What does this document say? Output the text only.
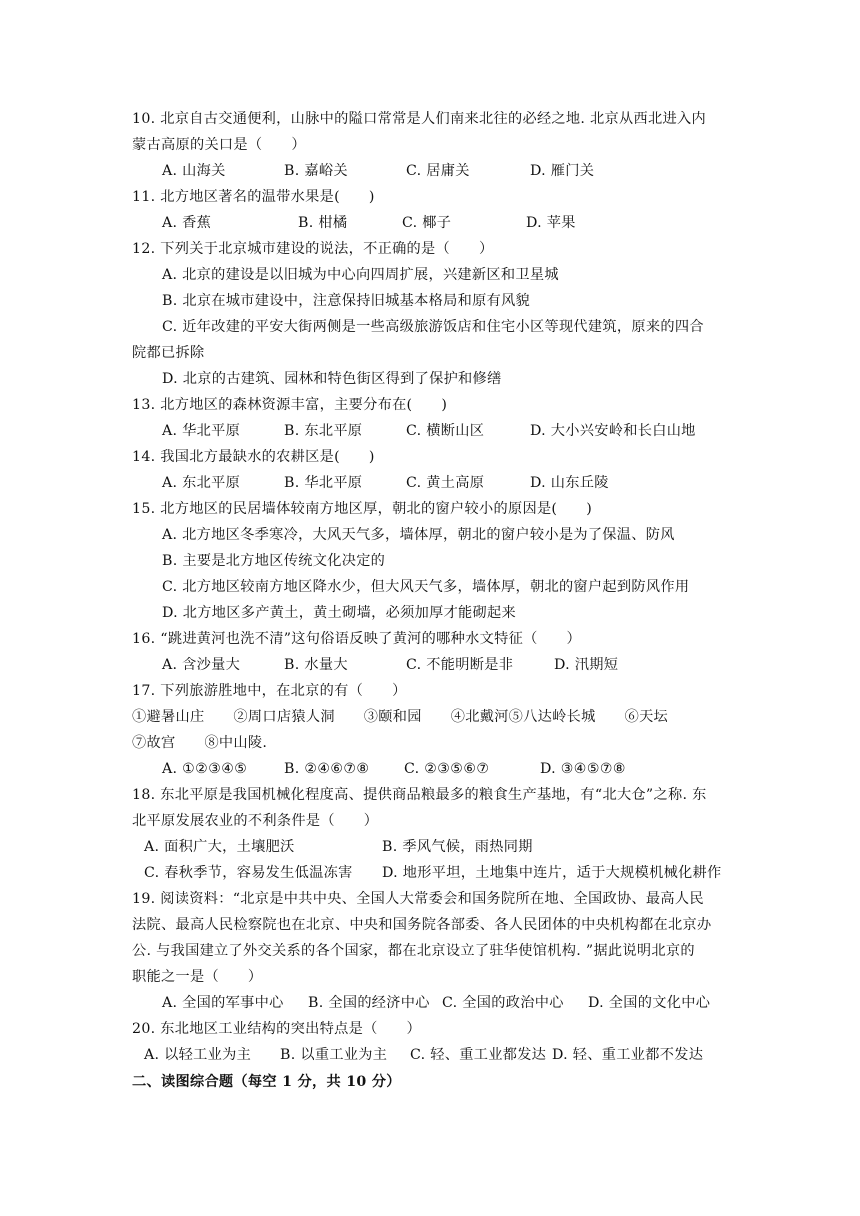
10. 北京自古交通便利，山脉中的隘口常常是人们南来北往的必经之地. 北京从西北进入内
蒙古高原的关口是（　　）
A. 山海关	B. 嘉峪关	C. 居庸关	D. 雁门关
11. 北方地区著名的温带水果是(　　)
A. 香蕉	B. 柑橘	C. 椰子	D. 苹果
12. 下列关于北京城市建设的说法，不正确的是（　　）
A. 北京的建设是以旧城为中心向四周扩展，兴建新区和卫星城
B. 北京在城市建设中，注意保持旧城基本格局和原有风貌
C. 近年改建的平安大街两侧是一些高级旅游饭店和住宅小区等现代建筑，原来的四合
院都已拆除
D. 北京的古建筑、园林和特色街区得到了保护和修缮
13. 北方地区的森林资源丰富，主要分布在(　　)
A. 华北平原	B. 东北平原	C. 横断山区	D. 大小兴安岭和长白山地
14. 我国北方最缺水的农耕区是(　　)
A. 东北平原	B. 华北平原	C. 黄土高原	D. 山东丘陵
15. 北方地区的民居墙体较南方地区厚，朝北的窗户较小的原因是(　　)
A. 北方地区冬季寒冷，大风天气多，墙体厚，朝北的窗户较小是为了保温、防风
B. 主要是北方地区传统文化决定的
C. 北方地区较南方地区降水少，但大风天气多，墙体厚，朝北的窗户起到防风作用
D. 北方地区多产黄土，黄土砌墙，必须加厚才能砌起来
16. “跳进黄河也洗不清”这句俗语反映了黄河的哪种水文特征（　　）
A. 含沙量大	B. 水量大	C. 不能明断是非	D. 汛期短
17. 下列旅游胜地中，在北京的有（　　）
①避暑山庄　　②周口店猿人洞　　③颐和园　　④北戴河⑤八达岭长城　　⑥天坛
⑦故宫　　⑧中山陵.
A. ①②③④⑤	B. ②④⑥⑦⑧	C. ②③⑤⑥⑦	D. ③④⑤⑦⑧
18. 东北平原是我国机械化程度高、提供商品粮最多的粮食生产基地，有“北大仓”之称. 东
北平原发展农业的不利条件是（　　）
A. 面积广大，土壤肥沃	B. 季风气候，雨热同期
C. 春秋季节，容易发生低温冻害	D. 地形平坦，土地集中连片，适于大规模机械化耕作
19. 阅读资料：“北京是中共中央、全国人大常委会和国务院所在地、全国政协、最高人民
法院、最高人民检察院也在北京、中央和国务院各部委、各人民团体的中央机构都在北京办
公. 与我国建立了外交关系的各个国家，都在北京设立了驻华使馆机构. ”据此说明北京的
职能之一是（　　）
A. 全国的军事中心	B. 全国的经济中心 C. 全国的政治中心	D. 全国的文化中心
20. 东北地区工业结构的突出特点是（　　）
A. 以轻工业为主	B. 以重工业为主	C. 轻、重工业都发达 D. 轻、重工业都不发达
二、读图综合题（每空 1 分，共 10 分）
